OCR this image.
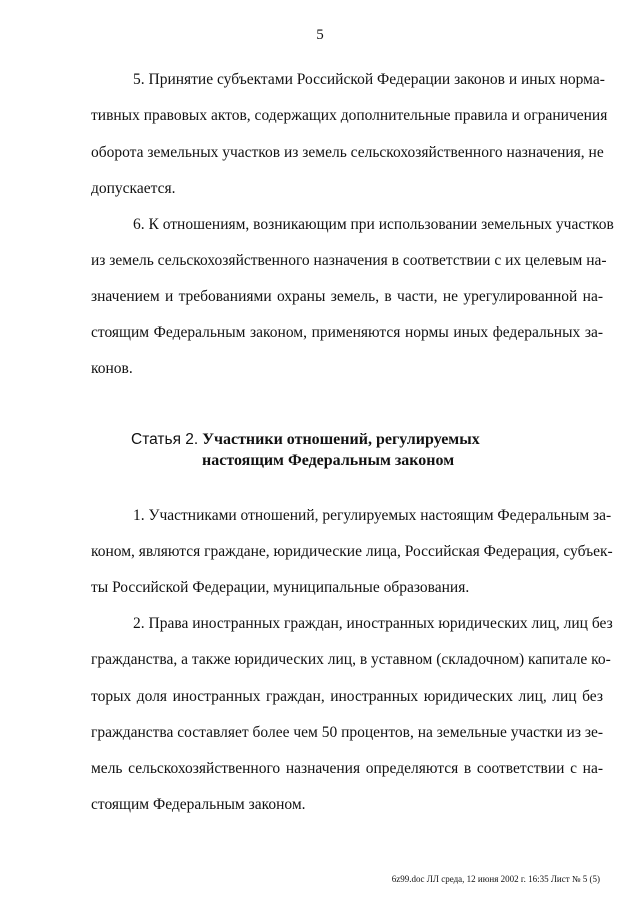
5
5. Принятие субъектами Российской Федерации законов и иных норма-
тивных правовых актов, содержащих дополнительные правила и ограничения
оборота земельных участков из земель сельскохозяйственного назначения, не
допускается.
6. К отношениям, возникающим при использовании земельных участков
из земель сельскохозяйственного назначения в соответствии с их целевым на-
значением и требованиями охраны земель, в части, не урегулированной на-
стоящим Федеральным законом, применяются нормы иных федеральных за-
конов.
Статья 2. Участники отношений, регулируемых
настоящим Федеральным законом
1. Участниками отношений, регулируемых настоящим Федеральным за-
коном, являются граждане, юридические лица, Российская Федерация, субъек-
ты Российской Федерации, муниципальные образования.
2. Права иностранных граждан, иностранных юридических лиц, лиц без
гражданства, а также юридических лиц, в уставном (складочном) капитале ко-
торых доля иностранных граждан, иностранных юридических лиц, лиц без
гражданства составляет более чем 50 процентов, на земельные участки из зе-
мель сельскохозяйственного назначения определяются в соответствии с на-
стоящим Федеральным законом.
6z99.doc ЛЛ среда, 12 июня 2002 г. 16:35 Лист № 5 (5)
